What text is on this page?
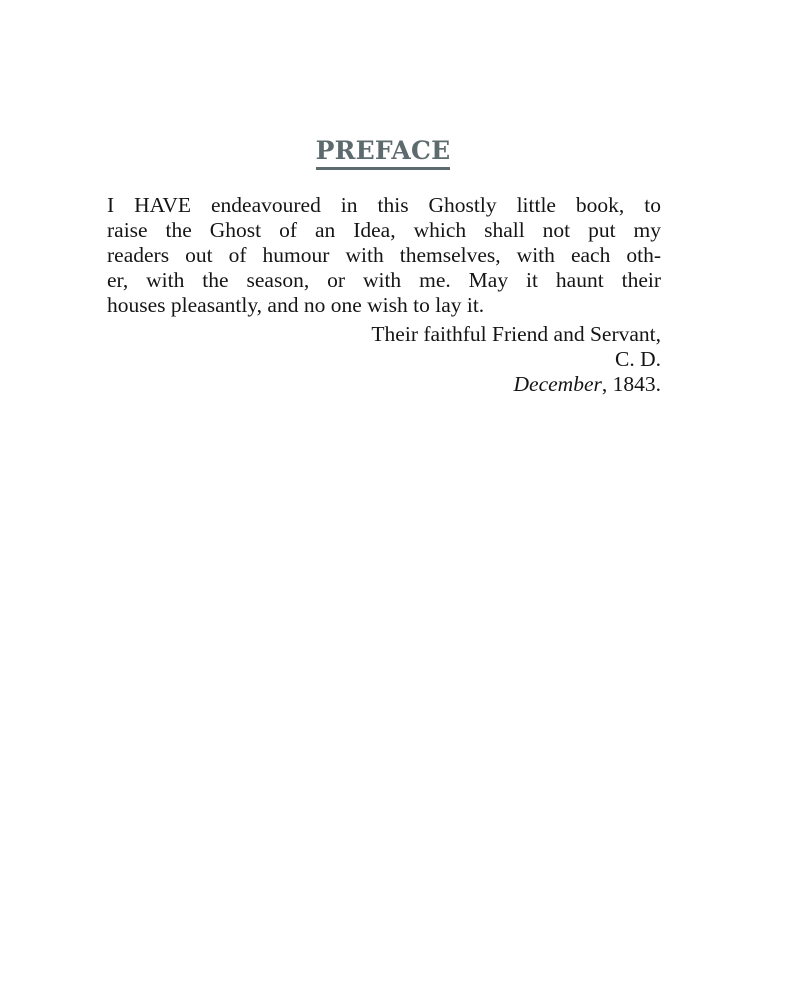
PREFACE
I HAVE endeavoured in this Ghostly little book, to
raise the Ghost of an Idea, which shall not put my
readers out of humour with themselves, with each oth-
er, with the season, or with me. May it haunt their
houses pleasantly, and no one wish to lay it.
Their faithful Friend and Servant,
C. D.
December, 1843.
